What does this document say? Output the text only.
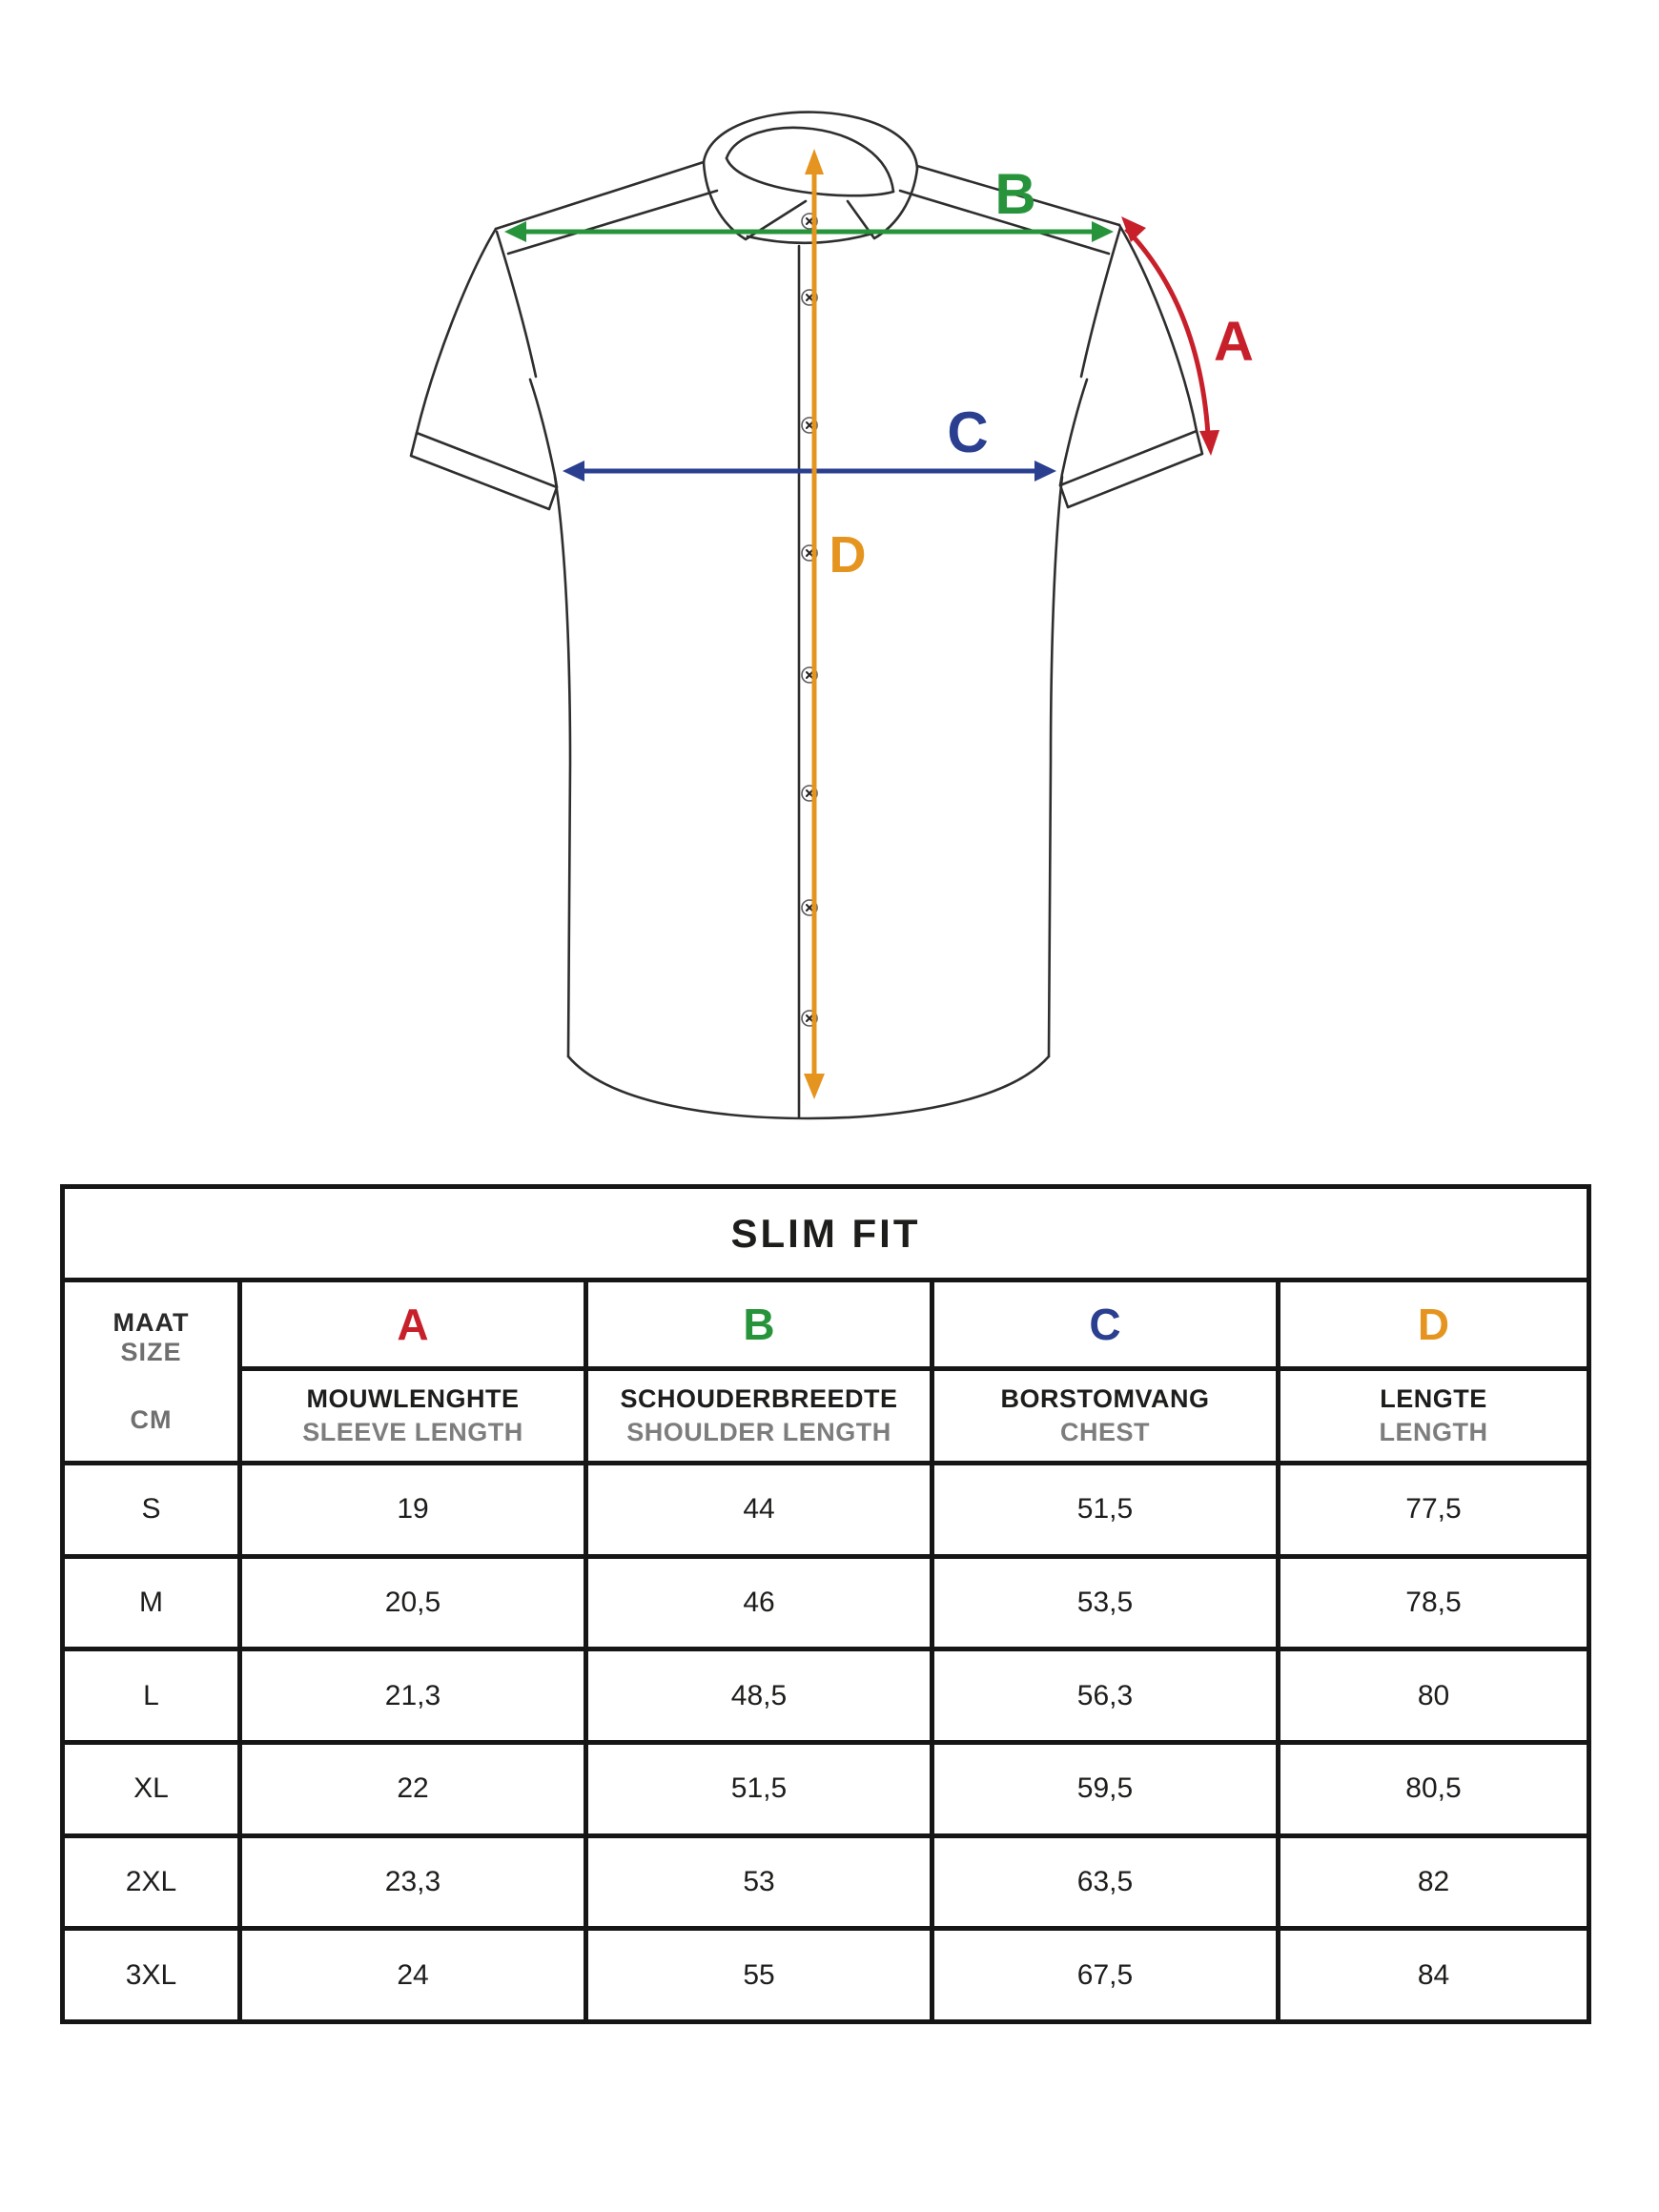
B
C
D
A
SLIM FIT
MAAT
SIZE
CM
A	B	C	D
MOUWLENGHTE
SLEEVE LENGTH
SCHOUDERBREEDTE
SHOULDER LENGTH
BORSTOMVANG
CHEST
LENGTE
LENGTH
S	19	44	51,5	77,5
M	20,5	46	53,5	78,5
L	21,3	48,5	56,3	80
XL	22	51,5	59,5	80,5
2XL	23,3	53	63,5	82
3XL	24	55	67,5	84
